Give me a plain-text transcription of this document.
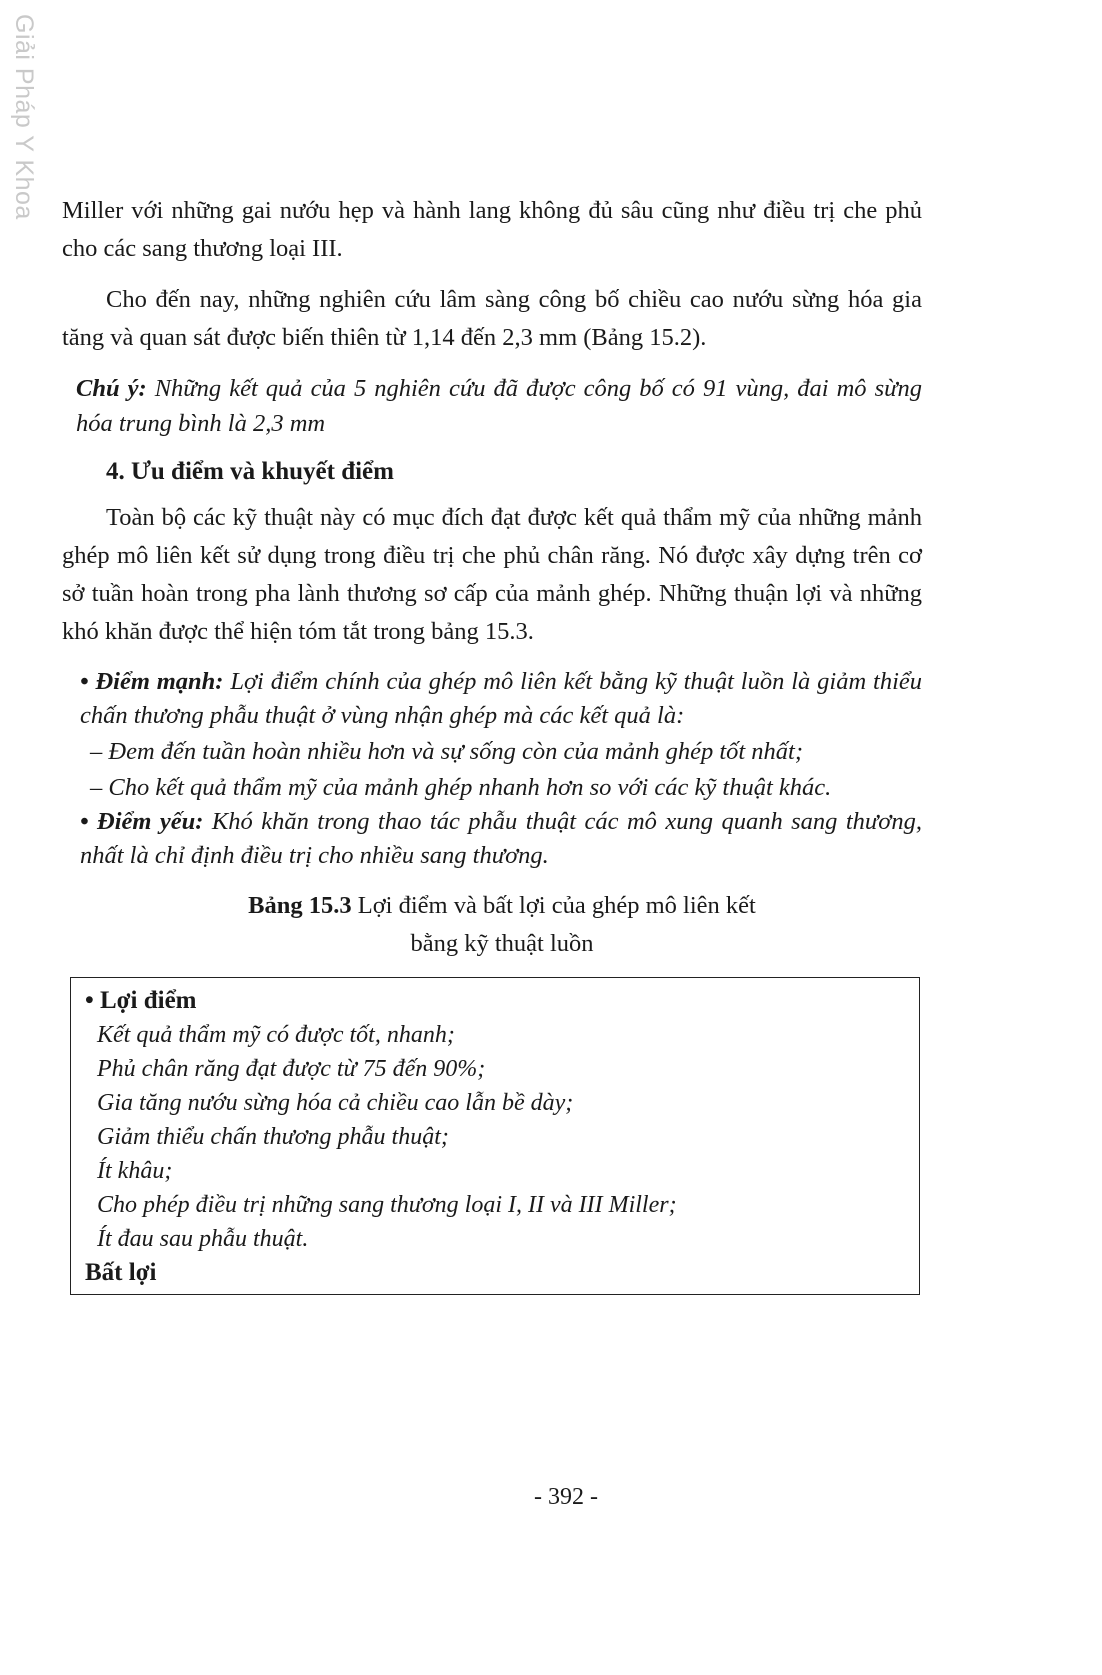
Giải Pháp Y Khoa Miller với những gai nướu hẹp và hành lang không đủ sâu cũng như điều trị che phủ cho các sang thương loại III.

Cho đến nay, những nghiên cứu lâm sàng công bố chiều cao nướu sừng hóa gia tăng và quan sát được biến thiên từ 1,14 đến 2,3 mm (Bảng 15.2).

Chú ý: Những kết quả của 5 nghiên cứu đã được công bố có 91 vùng, đai mô sừng hóa trung bình là 2,3 mm

4. Ưu điểm và khuyết điểm

Toàn bộ các kỹ thuật này có mục đích đạt được kết quả thẩm mỹ của những mảnh ghép mô liên kết sử dụng trong điều trị che phủ chân răng. Nó được xây dựng trên cơ sở tuần hoàn trong pha lành thương sơ cấp của mảnh ghép. Những thuận lợi và những khó khăn được thể hiện tóm tắt trong bảng 15.3.

• Điểm mạnh: Lợi điểm chính của ghép mô liên kết bằng kỹ thuật luồn là giảm thiểu chấn thương phẫu thuật ở vùng nhận ghép mà các kết quả là:

– Đem đến tuần hoàn nhiều hơn và sự sống còn của mảnh ghép tốt nhất;

– Cho kết quả thẩm mỹ của mảnh ghép nhanh hơn so với các kỹ thuật khác.

• Điểm yếu: Khó khăn trong thao tác phẫu thuật các mô xung quanh sang thương, nhất là chỉ định điều trị cho nhiều sang thương.

Bảng 15.3 Lợi điểm và bất lợi của ghép mô liên kết
bằng kỹ thuật luồn
• Lợi điểm
Kết quả thẩm mỹ có được tốt, nhanh;
Phủ chân răng đạt được từ 75 đến 90%;
Gia tăng nướu sừng hóa cả chiều cao lẫn bề dày;
Giảm thiểu chấn thương phẫu thuật;
Ít khâu;
Cho phép điều trị những sang thương loại I, II và III Miller;
Ít đau sau phẫu thuật.
Bất lợi
- 392 -
